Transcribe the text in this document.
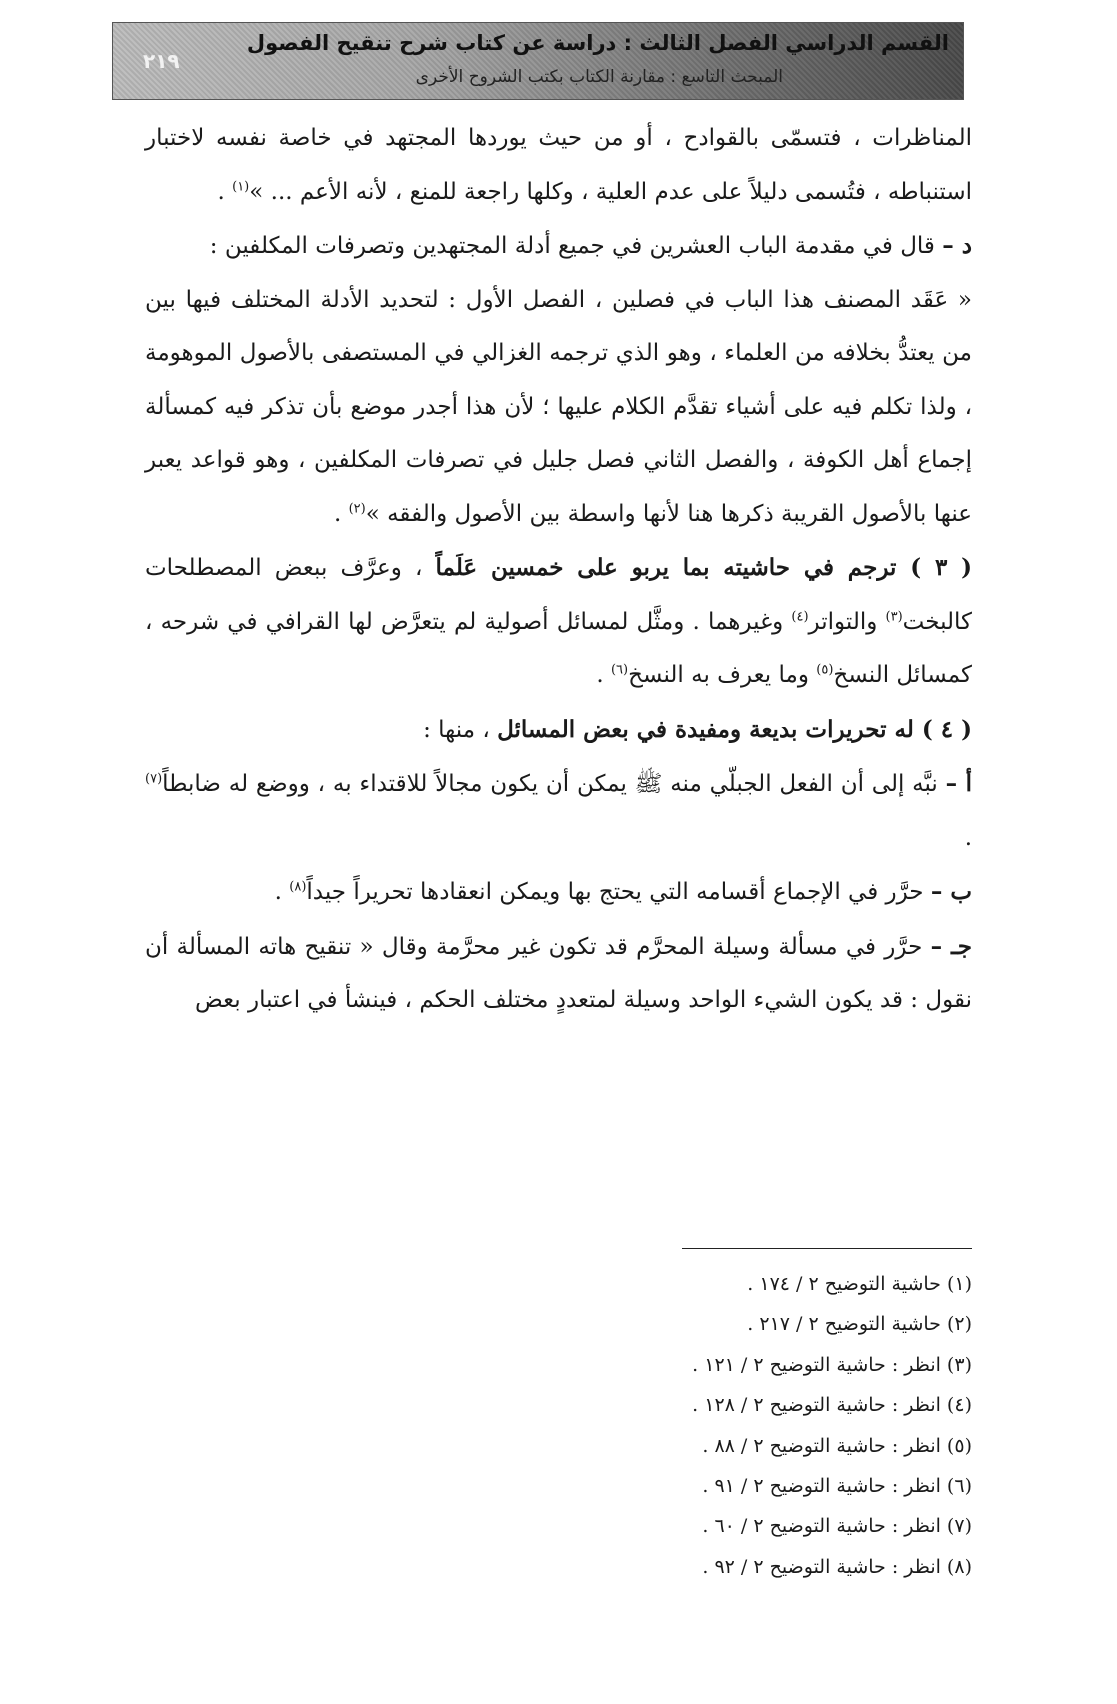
القسم الدراسي الفصل الثالث : دراسة عن كتاب شرح تنقيح الفصول
المبحث التاسع : مقارنة الكتاب بكتب الشروح الأخرى
٢١٩

المناظرات ، فتسمّى بالقوادح ، أو من حيث يوردها المجتهد في خاصة نفسه لاختبار استنباطه ، فتُسمى دليلاً على عدم العلية ، وكلها راجعة للمنع ، لأنه الأعم ... »$^{(١)}$ .

د – قال في مقدمة الباب العشرين في جميع أدلة المجتهدين وتصرفات المكلفين :

« عَقَد المصنف هذا الباب في فصلين ، الفصل الأول : لتحديد الأدلة المختلف فيها بين من يعتدُّ بخلافه من العلماء ، وهو الذي ترجمه الغزالي في المستصفى بالأصول الموهومة ، ولذا تكلم فيه على أشياء تقدَّم الكلام عليها ؛ لأن هذا أجدر موضع بأن تذكر فيه كمسألة إجماع أهل الكوفة ، والفصل الثاني فصل جليل في تصرفات المكلفين ، وهو قواعد يعبر عنها بالأصول القريبة ذكرها هنا لأنها واسطة بين الأصول والفقه »$^{(٢)}$ .

( ٣ ) ترجم في حاشيته بما يربو على خمسين عَلَماً ، وعرَّف ببعض المصطلحات كالبخت$^{(٣)}$ والتواتر$^{(٤)}$ وغيرهما . ومثَّل لمسائل أصولية لم يتعرَّض لها القرافي في شرحه ، كمسائل النسخ$^{(٥)}$ وما يعرف به النسخ$^{(٦)}$ .

( ٤ ) له تحريرات بديعة ومفيدة في بعض المسائل ، منها :

أ – نبَّه إلى أن الفعل الجبلّي منه ﷺ يمكن أن يكون مجالاً للاقتداء به ، ووضع له ضابطاً$^{(٧)}$ .

ب – حرَّر في الإجماع أقسامه التي يحتج بها ويمكن انعقادها تحريراً جيداً$^{(٨)}$ .

جـ – حرَّر في مسألة وسيلة المحرَّم قد تكون غير محرَّمة وقال « تنقيح هاته المسألة أن نقول : قد يكون الشيء الواحد وسيلة لمتعددٍ مختلف الحكم ، فينشأ في اعتبار بعض

(١) حاشية التوضيح ٢ / ١٧٤ .
(٢) حاشية التوضيح ٢ / ٢١٧ .
(٣) انظر : حاشية التوضيح ٢ / ١٢١ .
(٤) انظر : حاشية التوضيح ٢ / ١٢٨ .
(٥) انظر : حاشية التوضيح ٢ / ٨٨ .
(٦) انظر : حاشية التوضيح ٢ / ٩١ .
(٧) انظر : حاشية التوضيح ٢ / ٦٠ .
(٨) انظر : حاشية التوضيح ٢ / ٩٢ .
